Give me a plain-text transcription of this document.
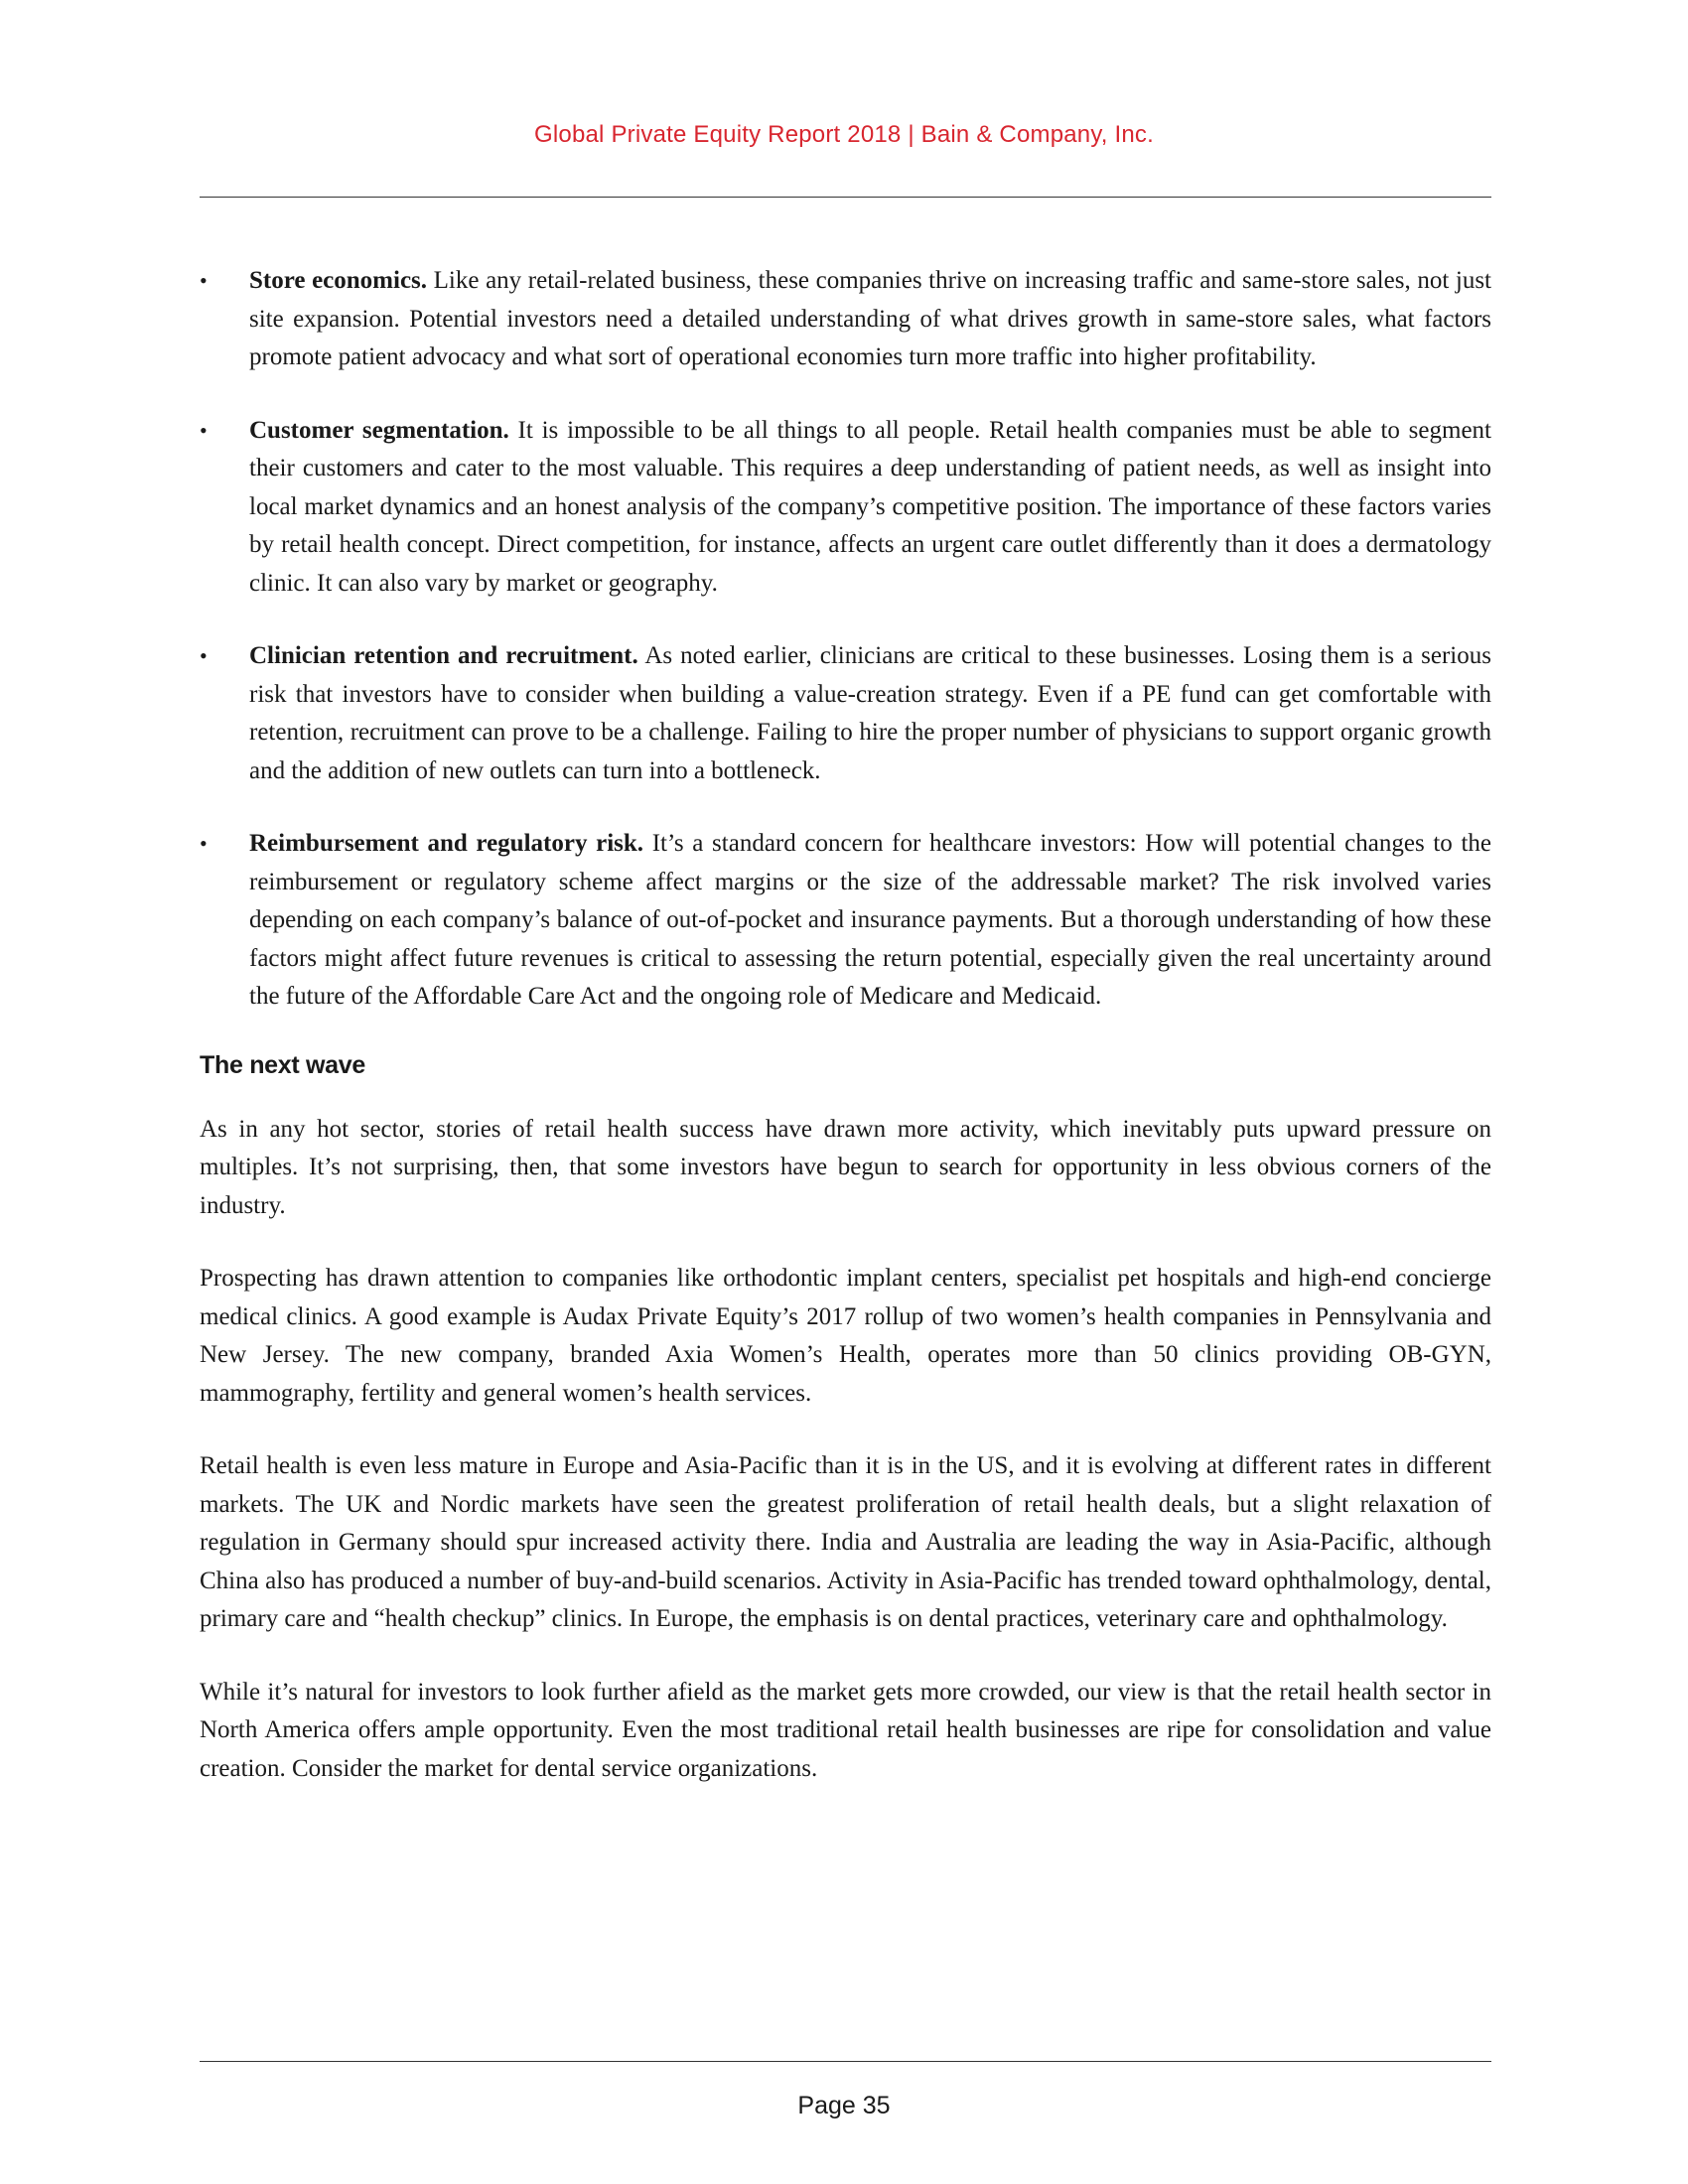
Global Private Equity Report 2018 | Bain & Company, Inc.
• Store economics. Like any retail-related business, these companies thrive on increasing traffic and same-store sales, not just site expansion. Potential investors need a detailed understanding of what drives growth in same-store sales, what factors promote patient advocacy and what sort of operational economies turn more traffic into higher profitability.
• Customer segmentation. It is impossible to be all things to all people. Retail health companies must be able to segment their customers and cater to the most valuable. This requires a deep understanding of patient needs, as well as insight into local market dynamics and an honest analysis of the company’s competitive position. The importance of these factors varies by retail health concept. Direct competition, for instance, affects an urgent care outlet differently than it does a dermatology clinic. It can also vary by market or geography.
• Clinician retention and recruitment. As noted earlier, clinicians are critical to these businesses. Losing them is a serious risk that investors have to consider when building a value-creation strategy. Even if a PE fund can get comfortable with retention, recruitment can prove to be a challenge. Failing to hire the proper number of physicians to support organic growth and the addition of new outlets can turn into a bottleneck.
• Reimbursement and regulatory risk. It’s a standard concern for healthcare investors: How will potential changes to the reimbursement or regulatory scheme affect margins or the size of the addressable market? The risk involved varies depending on each company’s balance of out-of-pocket and insurance payments. But a thorough understanding of how these factors might affect future revenues is critical to assessing the return potential, especially given the real uncertainty around the future of the Affordable Care Act and the ongoing role of Medicare and Medicaid.
The next wave

As in any hot sector, stories of retail health success have drawn more activity, which inevitably puts upward pressure on multiples. It’s not surprising, then, that some investors have begun to search for opportunity in less obvious corners of the industry.

Prospecting has drawn attention to companies like orthodontic implant centers, specialist pet hospitals and high-end concierge medical clinics. A good example is Audax Private Equity’s 2017 rollup of two women’s health companies in Pennsylvania and New Jersey. The new company, branded Axia Women’s Health, operates more than 50 clinics providing OB-GYN, mammography, fertility and general women’s health services.

Retail health is even less mature in Europe and Asia-Pacific than it is in the US, and it is evolving at different rates in different markets. The UK and Nordic markets have seen the greatest proliferation of retail health deals, but a slight relaxation of regulation in Germany should spur increased activity there. India and Australia are leading the way in Asia-Pacific, although China also has produced a number of buy-and-build scenarios. Activity in Asia-Pacific has trended toward ophthalmology, dental, primary care and “health checkup” clinics. In Europe, the emphasis is on dental practices, veterinary care and ophthalmology.

While it’s natural for investors to look further afield as the market gets more crowded, our view is that the retail health sector in North America offers ample opportunity. Even the most traditional retail health businesses are ripe for consolidation and value creation. Consider the market for dental service organizations.

Page 35
